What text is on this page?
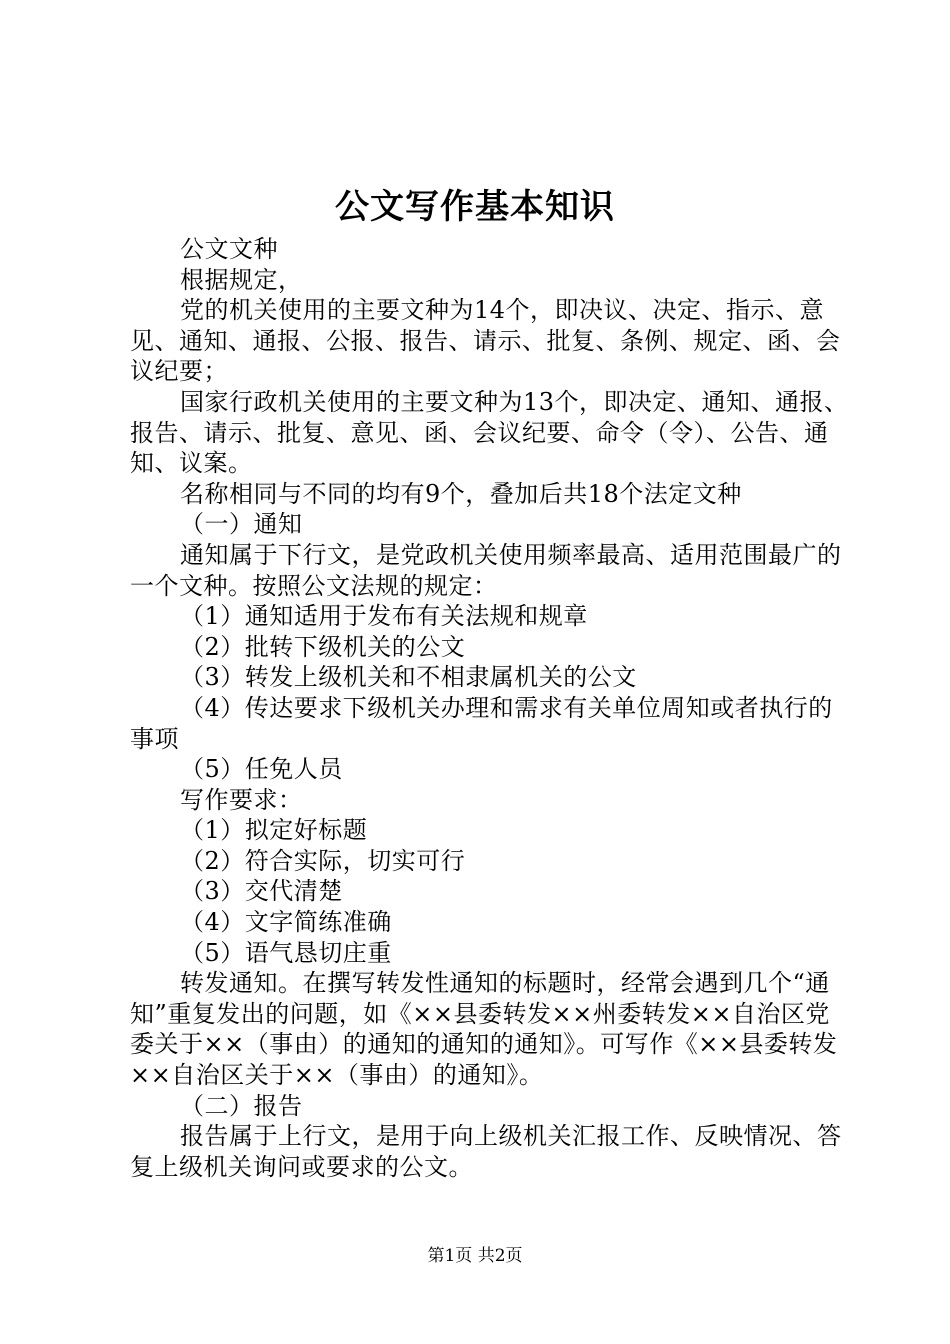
公文写作基本知识

公文文种

根据规定，

党的机关使用的主要文种为14个，即决议、决定、指示、意见、通知、通报、公报、报告、请示、批复、条例、规定、函、会议纪要；

国家行政机关使用的主要文种为13个，即决定、通知、通报、报告、请示、批复、意见、函、会议纪要、命令（令）、公告、通知、议案。

名称相同与不同的均有9个，叠加后共18个法定文种

（一）通知

通知属于下行文，是党政机关使用频率最高、适用范围最广的一个文种。按照公文法规的规定：

（1）通知适用于发布有关法规和规章

（2）批转下级机关的公文

（3）转发上级机关和不相隶属机关的公文

（4）传达要求下级机关办理和需求有关单位周知或者执行的事项

（5）任免人员

写作要求：

（1）拟定好标题

（2）符合实际，切实可行

（3）交代清楚

（4）文字简练准确

（5）语气恳切庄重

转发通知。在撰写转发性通知的标题时，经常会遇到几个“通知”重复发出的问题，如《××县委转发××州委转发××自治区党委关于××（事由）的通知的通知的通知》。可写作《××县委转发××自治区关于××（事由）的通知》。

（二）报告

报告属于上行文，是用于向上级机关汇报工作、反映情况、答复上级机关询问或要求的公文。

第1页 共2页
